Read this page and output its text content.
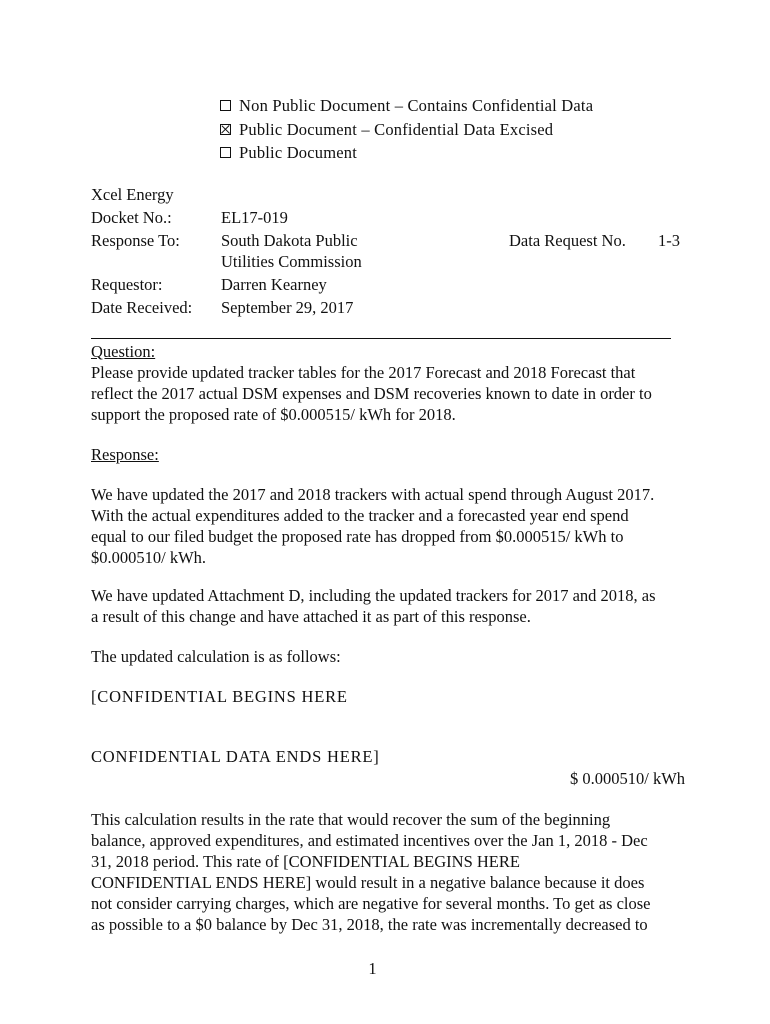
Non Public Document – Contains Confidential Data
Public Document – Confidential Data Excised
Public Document
Xcel Energy
Docket No.:	EL17-019
Response To: South Dakota Public
Utilities Commission
Data Request No. 1-3
Requestor:	Darren Kearney
Date Received: September 29, 2017
Question:
Please provide updated tracker tables for the 2017 Forecast and 2018 Forecast that
reflect the 2017 actual DSM expenses and DSM recoveries known to date in order to
support the proposed rate of $0.000515/ kWh for 2018.
Response:
We have updated the 2017 and 2018 trackers with actual spend through August 2017.
With the actual expenditures added to the tracker and a forecasted year end spend
equal to our filed budget the proposed rate has dropped from $0.000515/ kWh to
$0.000510/ kWh.
We have updated Attachment D, including the updated trackers for 2017 and 2018, as
a result of this change and have attached it as part of this response.
The updated calculation is as follows:
[CONFIDENTIAL BEGINS HERE
CONFIDENTIAL DATA ENDS HERE]
$ 0.000510/ kWh
This calculation results in the rate that would recover the sum of the beginning
balance, approved expenditures, and estimated incentives over the Jan 1, 2018 - Dec
31, 2018 period. This rate of [CONFIDENTIAL BEGINS HERE
CONFIDENTIAL ENDS HERE] would result in a negative balance because it does
not consider carrying charges, which are negative for several months. To get as close
as possible to a $0 balance by Dec 31, 2018, the rate was incrementally decreased to
1
